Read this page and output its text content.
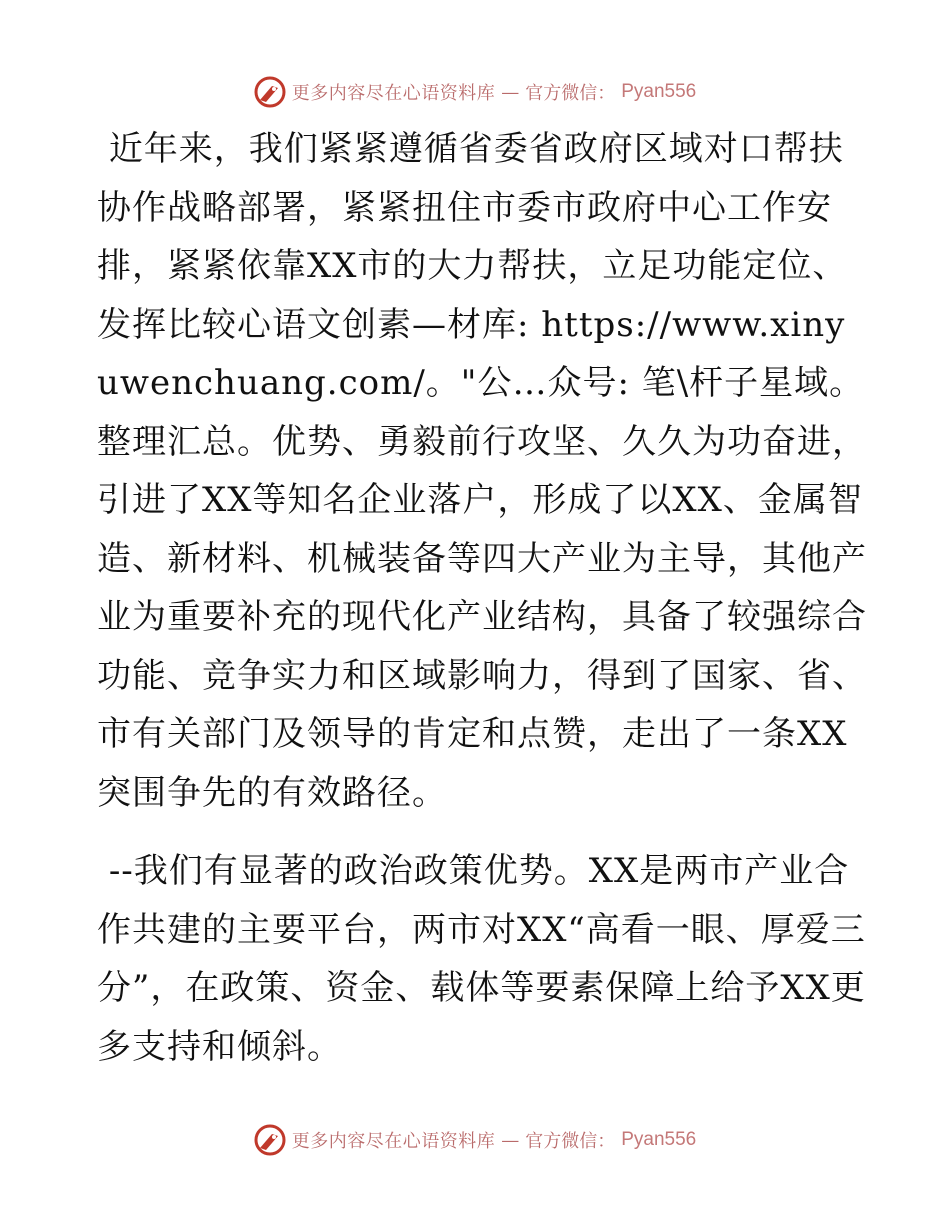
更多内容尽在心语资料库 — 官方微信： Pyan556

近年来，我们紧紧遵循省委省政府区域对口帮扶协作战略部署，紧紧扭住市委市政府中心工作安排，紧紧依靠XX市的大力帮扶，立足功能定位、发挥比较心语文创素—材库: https://www.xinyuwenchuang.com/。"公…众号: 笔\杆子星域。整理汇总。优势、勇毅前行攻坚、久久为功奋进，引进了XX等知名企业落户，形成了以XX、金属智造、新材料、机械装备等四大产业为主导，其他产业为重要补充的现代化产业结构，具备了较强综合功能、竞争实力和区域影响力，得到了国家、省、市有关部门及领导的肯定和点赞，走出了一条XX突围争先的有效路径。

--我们有显著的政治政策优势。XX是两市产业合作共建的主要平台，两市对XX“高看一眼、厚爱三分”，在政策、资金、载体等要素保障上给予XX更多支持和倾斜。

更多内容尽在心语资料库 — 官方微信： Pyan556
